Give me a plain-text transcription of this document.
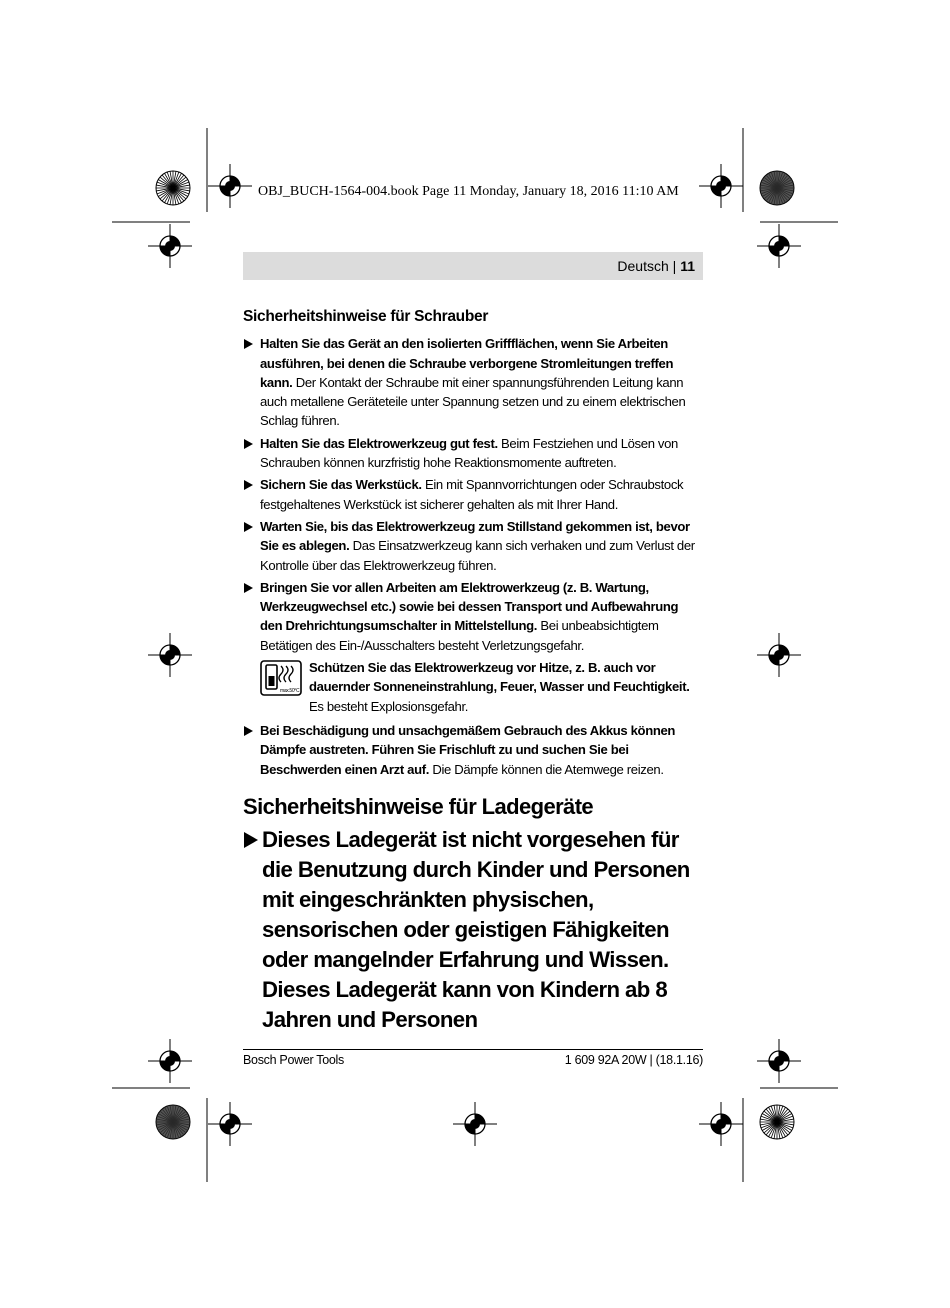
OBJ_BUCH-1564-004.book Page 11 Monday, January 18, 2016 11:10 AM
Deutsch | 11
Sicherheitshinweise für Schrauber
Halten Sie das Gerät an den isolierten Griffflächen, wenn Sie Arbeiten ausführen, bei denen die Schraube verborgene Stromleitungen treffen kann. Der Kontakt der Schraube mit einer spannungsführenden Leitung kann auch metallene Geräteteile unter Spannung setzen und zu einem elektrischen Schlag führen.
Halten Sie das Elektrowerkzeug gut fest. Beim Festziehen und Lösen von Schrauben können kurzfristig hohe Reaktionsmomente auftreten.
Sichern Sie das Werkstück. Ein mit Spannvorrichtungen oder Schraubstock festgehaltenes Werkstück ist sicherer gehalten als mit Ihrer Hand.
Warten Sie, bis das Elektrowerkzeug zum Stillstand gekommen ist, bevor Sie es ablegen. Das Einsatzwerkzeug kann sich verhaken und zum Verlust der Kontrolle über das Elektrowerkzeug führen.
Bringen Sie vor allen Arbeiten am Elektrowerkzeug (z. B. Wartung, Werkzeugwechsel etc.) sowie bei dessen Transport und Aufbewahrung den Drehrichtungsumschalter in Mittelstellung. Bei unbeabsichtigtem Betätigen des Ein-/Ausschalters besteht Verletzungsgefahr.
max.50°C
Schützen Sie das Elektrowerkzeug vor Hitze, z. B. auch vor dauernder Sonneneinstrahlung, Feuer, Wasser und Feuchtigkeit. Es besteht Explosionsgefahr.
Bei Beschädigung und unsachgemäßem Gebrauch des Akkus können Dämpfe austreten. Führen Sie Frischluft zu und suchen Sie bei Beschwerden einen Arzt auf. Die Dämpfe können die Atemwege reizen.
Sicherheitshinweise für Ladegeräte
Dieses Ladegerät ist nicht vorgesehen für die Benutzung durch Kinder und Personen mit eingeschränkten physischen, sensorischen oder geistigen Fähigkeiten oder mangelnder Erfahrung und Wissen. Dieses Ladegerät kann von Kindern ab 8 Jahren und Personen
Bosch Power Tools	1 609 92A 20W | (18.1.16)
